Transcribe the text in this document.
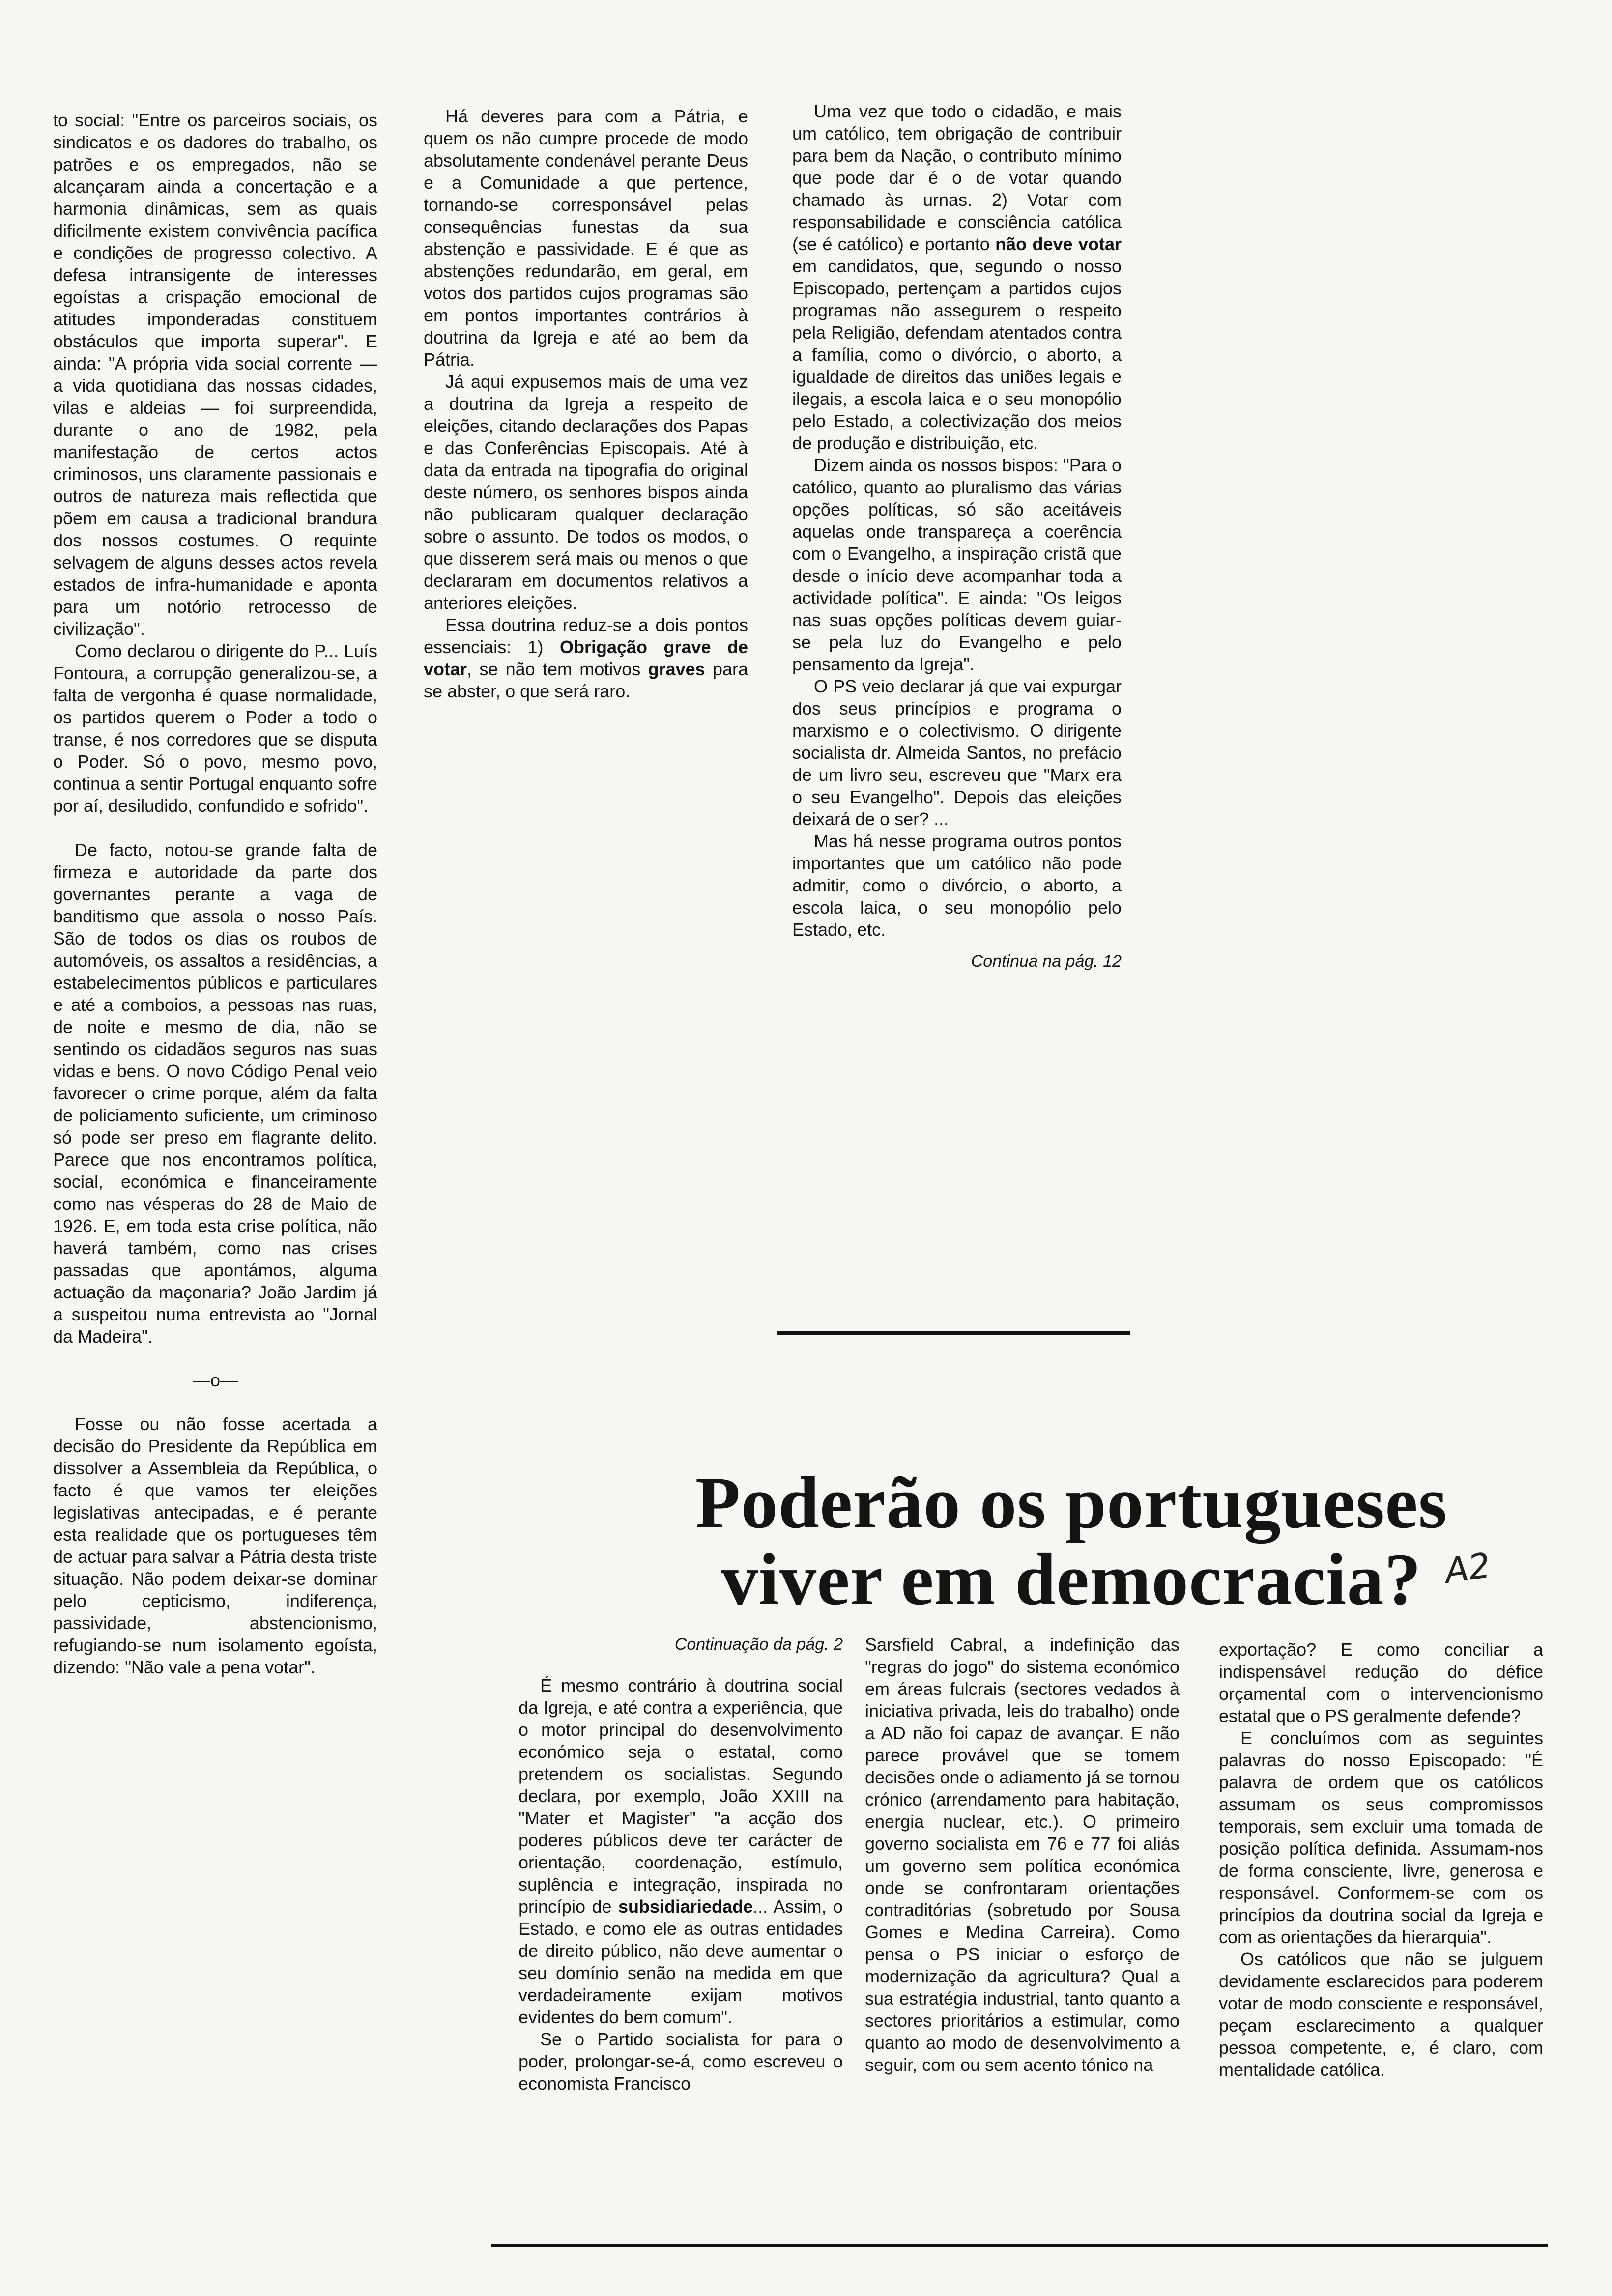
to social: "Entre os parceiros sociais, os sindicatos e os dadores do trabalho, os patrões e os empregados, não se alcançaram ainda a concertação e a harmonia dinâmicas, sem as quais dificilmente existem convivência pacífica e condições de progresso colectivo. A defesa intransigente de interesses egoístas a crispação emocional de atitudes imponderadas constituem obstáculos que importa superar". E ainda: "A própria vida social corrente — a vida quotidiana das nossas cidades, vilas e aldeias — foi surpreendida, durante o ano de 1982, pela manifestação de certos actos criminosos, uns claramente passionais e outros de natureza mais reflectida que põem em causa a tradicional brandura dos nossos costumes. O requinte selvagem de alguns desses actos revela estados de infra-humanidade e aponta para um notório retrocesso de civilização".

Como declarou o dirigente do P... Luís Fontoura, a corrupção generalizou-se, a falta de vergonha é quase normalidade, os partidos querem o Poder a todo o transe, é nos corredores que se disputa o Poder. Só o povo, mesmo povo, continua a sentir Portugal enquanto sofre por aí, desiludido, confundido e sofrido".

De facto, notou-se grande falta de firmeza e autoridade da parte dos governantes perante a vaga de banditismo que assola o nosso País. São de todos os dias os roubos de automóveis, os assaltos a residências, a estabelecimentos públicos e particulares e até a comboios, a pessoas nas ruas, de noite e mesmo de dia, não se sentindo os cidadãos seguros nas suas vidas e bens. O novo Código Penal veio favorecer o crime porque, além da falta de policiamento suficiente, um criminoso só pode ser preso em flagrante delito. Parece que nos encontramos política, social, económica e financeiramente como nas vésperas do 28 de Maio de 1926. E, em toda esta crise política, não haverá também, como nas crises passadas que apontámos, alguma actuação da maçonaria? João Jardim já a suspeitou numa entrevista ao "Jornal da Madeira".

—o—

Fosse ou não fosse acertada a decisão do Presidente da República em dissolver a Assembleia da República, o facto é que vamos ter eleições legislativas antecipadas, e é perante esta realidade que os portugueses têm de actuar para salvar a Pátria desta triste situação. Não podem deixar-se dominar pelo cepticismo, indiferença, passividade, abstencionismo, refugiando-se num isolamento egoísta, dizendo: "Não vale a pena votar".

Há deveres para com a Pátria, e quem os não cumpre procede de modo absolutamente condenável perante Deus e a Comunidade a que pertence, tornando-se corresponsável pelas consequências funestas da sua abstenção e passividade. E é que as abstenções redundarão, em geral, em votos dos partidos cujos programas são em pontos importantes contrários à doutrina da Igreja e até ao bem da Pátria.

Já aqui expusemos mais de uma vez a doutrina da Igreja a respeito de eleições, citando declarações dos Papas e das Conferências Episcopais. Até à data da entrada na tipografia do original deste número, os senhores bispos ainda não publicaram qualquer declaração sobre o assunto. De todos os modos, o que disserem será mais ou menos o que declararam em documentos relativos a anteriores eleições.

Essa doutrina reduz-se a dois pontos essenciais: 1) Obrigação grave de votar, se não tem motivos graves para se abster, o que será raro.

Uma vez que todo o cidadão, e mais um católico, tem obrigação de contribuir para bem da Nação, o contributo mínimo que pode dar é o de votar quando chamado às urnas. 2) Votar com responsabilidade e consciência católica (se é católico) e portanto não deve votar em candidatos, que, segundo o nosso Episcopado, pertençam a partidos cujos programas não assegurem o respeito pela Religião, defendam atentados contra a família, como o divórcio, o aborto, a igualdade de direitos das uniões legais e ilegais, a escola laica e o seu monopólio pelo Estado, a colectivização dos meios de produção e distribuição, etc.

Dizem ainda os nossos bispos: "Para o católico, quanto ao pluralismo das várias opções políticas, só são aceitáveis aquelas onde transpareça a coerência com o Evangelho, a inspiração cristã que desde o início deve acompanhar toda a actividade política". E ainda: "Os leigos nas suas opções políticas devem guiar-se pela luz do Evangelho e pelo pensamento da Igreja".

O PS veio declarar já que vai expurgar dos seus princípios e programa o marxismo e o colectivismo. O dirigente socialista dr. Almeida Santos, no prefácio de um livro seu, escreveu que "Marx era o seu Evangelho". Depois das eleições deixará de o ser? ...

Mas há nesse programa outros pontos importantes que um católico não pode admitir, como o divórcio, o aborto, a escola laica, o seu monopólio pelo Estado, etc.

Continua na pág. 12

Poderão os portugueses
viver em democracia? A2
Continuação da pág. 2

É mesmo contrário à doutrina social da Igreja, e até contra a experiência, que o motor principal do desenvolvimento económico seja o estatal, como pretendem os socialistas. Segundo declara, por exemplo, João XXIII na "Mater et Magister" "a acção dos poderes públicos deve ter carácter de orientação, coordenação, estímulo, suplência e integração, inspirada no princípio de subsidiariedade... Assim, o Estado, e como ele as outras entidades de direito público, não deve aumentar o seu domínio senão na medida em que verdadeiramente exijam motivos evidentes do bem comum".

Se o Partido socialista for para o poder, prolongar-se-á, como escreveu o economista Francisco

Sarsfield Cabral, a indefinição das "regras do jogo" do sistema económico em áreas fulcrais (sectores vedados à iniciativa privada, leis do trabalho) onde a AD não foi capaz de avançar. E não parece provável que se tomem decisões onde o adiamento já se tornou crónico (arrendamento para habitação, energia nuclear, etc.). O primeiro governo socialista em 76 e 77 foi aliás um governo sem política económica onde se confrontaram orientações contraditórias (sobretudo por Sousa Gomes e Medina Carreira). Como pensa o PS iniciar o esforço de modernização da agricultura? Qual a sua estratégia industrial, tanto quanto a sectores prioritários a estimular, como quanto ao modo de desenvolvimento a seguir, com ou sem acento tónico na

exportação? E como conciliar a indispensável redução do défice orçamental com o intervencionismo estatal que o PS geralmente defende?

E concluímos com as seguintes palavras do nosso Episcopado: "É palavra de ordem que os católicos assumam os seus compromissos temporais, sem excluir uma tomada de posição política definida. Assumam-nos de forma consciente, livre, generosa e responsável. Conformem-se com os princípios da doutrina social da Igreja e com as orientações da hierarquia".

Os católicos que não se julguem devidamente esclarecidos para poderem votar de modo consciente e responsável, peçam esclarecimento a qualquer pessoa competente, e, é claro, com mentalidade católica.
